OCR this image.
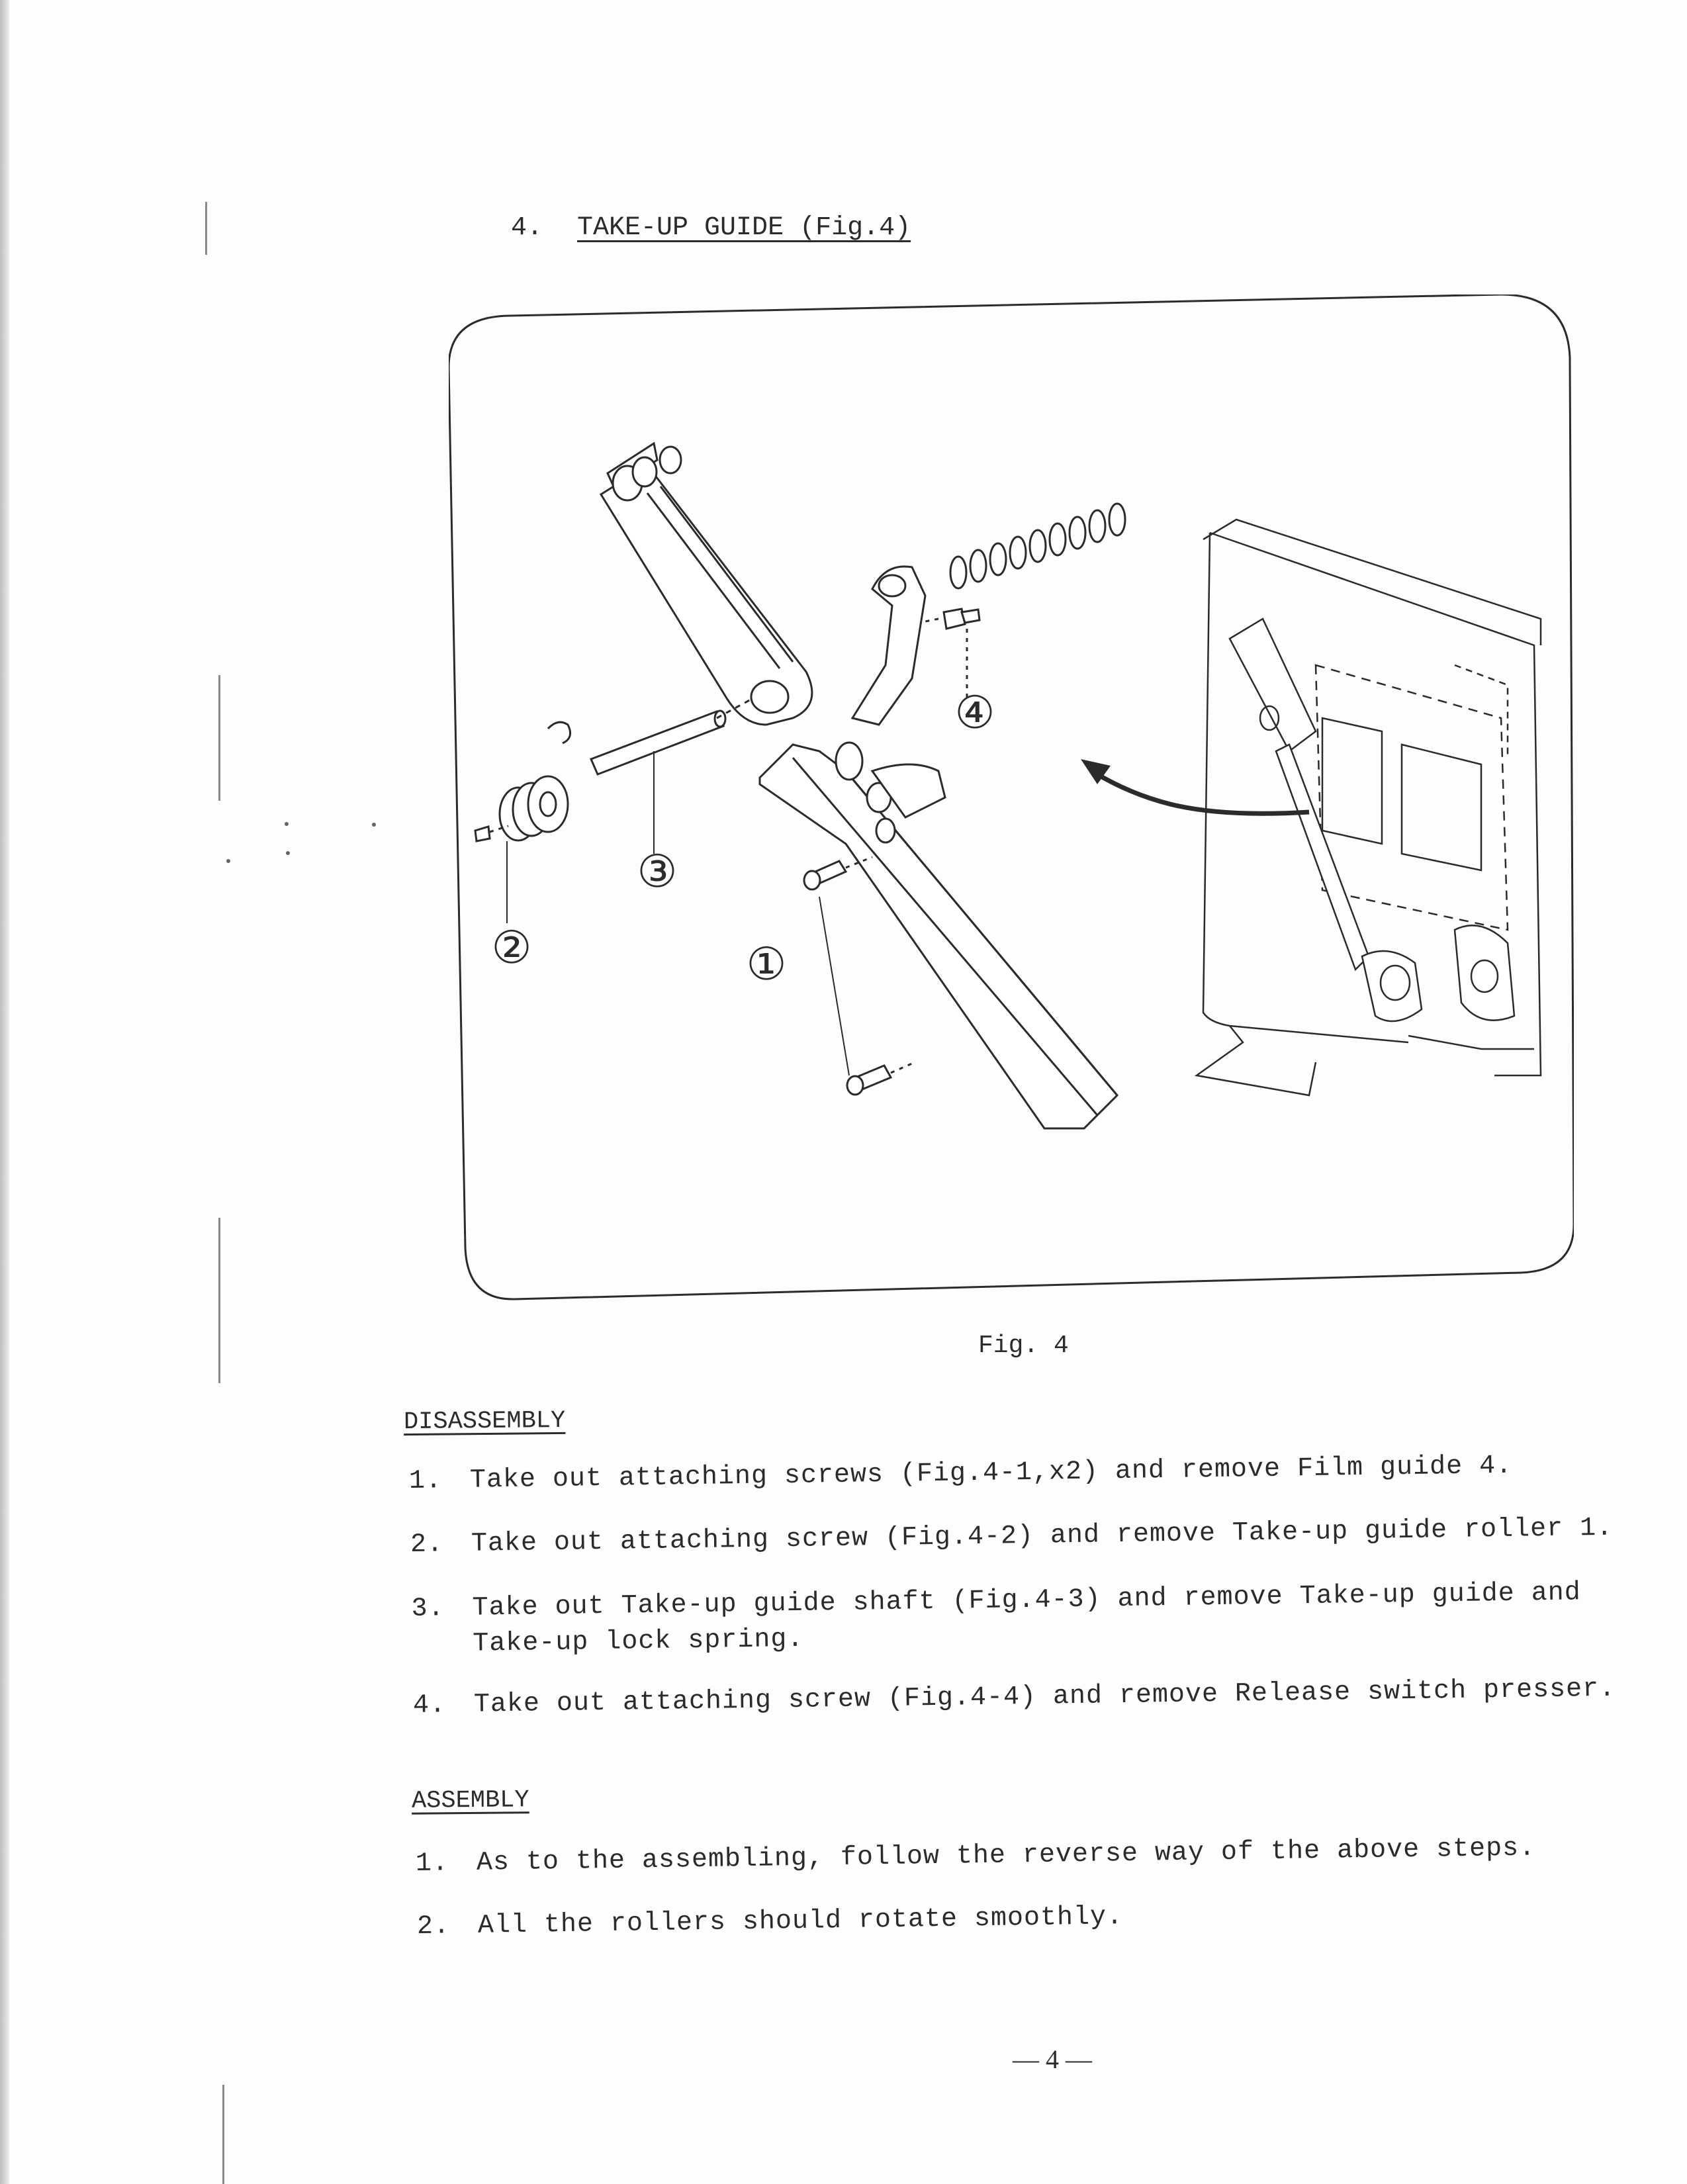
4. TAKE-UP GUIDE (Fig.4)
①
②
③
④
Fig. 4
DISASSEMBLY
1. Take out attaching screws (Fig.4-1,x2) and remove Film guide 4.
2. Take out attaching screw (Fig.4-2) and remove Take-up guide roller 1.
3. Take out Take-up guide shaft (Fig.4-3) and remove Take-up guide and
Take-up lock spring.
4. Take out attaching screw (Fig.4-4) and remove Release switch presser.
ASSEMBLY
1. As to the assembling, follow the reverse way of the above steps.
2. All the rollers should rotate smoothly.
— 4 —
